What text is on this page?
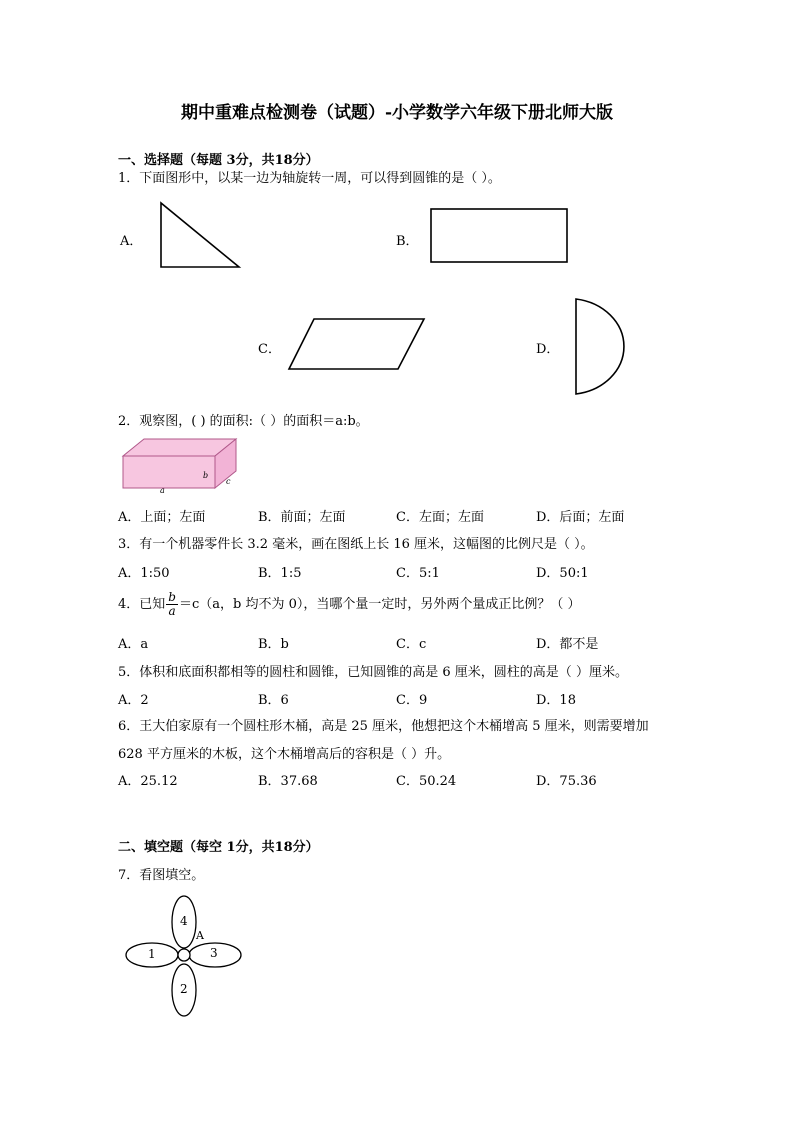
期中重难点检测卷（试题）-小学数学六年级下册北师大版
一、选择题（每题 3分，共18分）
1．下面图形中，以某一边为轴旋转一周，可以得到圆锥的是（ ）。
A．	B．
C．	D．
2．观察图，( ) 的面积:（ ）的面积＝a:b。
a
b
c
A．上面；左面	B．前面；左面	C．左面；左面	D．后面；左面
3．有一个机器零件长 3.2 毫米，画在图纸上长 16 厘米，这幅图的比例尺是（ ）。
A．1:50	B．1:5	C．5:1	D．50:1
4．已知 $\frac{b}{a} =c(a$，b 均不为 0），当哪个量一定时，另外两个量成正比例？（ ）
A．a	B．b	C．c	D．都不是
5．体积和底面积都相等的圆柱和圆锥，已知圆锥的高是 6 厘米，圆柱的高是（ ）厘米。
A．2	B．6	C．9	D．18
6．王大伯家原有一个圆柱形木桶，高是 25 厘米，他想把这个木桶增高 5 厘米，则需要增加
628 平方厘米的木板，这个木桶增高后的容积是（ ）升。
A．25.12	B．37.68	C．50.24	D．75.36
二、填空题（每空 1分，共18分）
7．看图填空。
4
1	3
2
A
